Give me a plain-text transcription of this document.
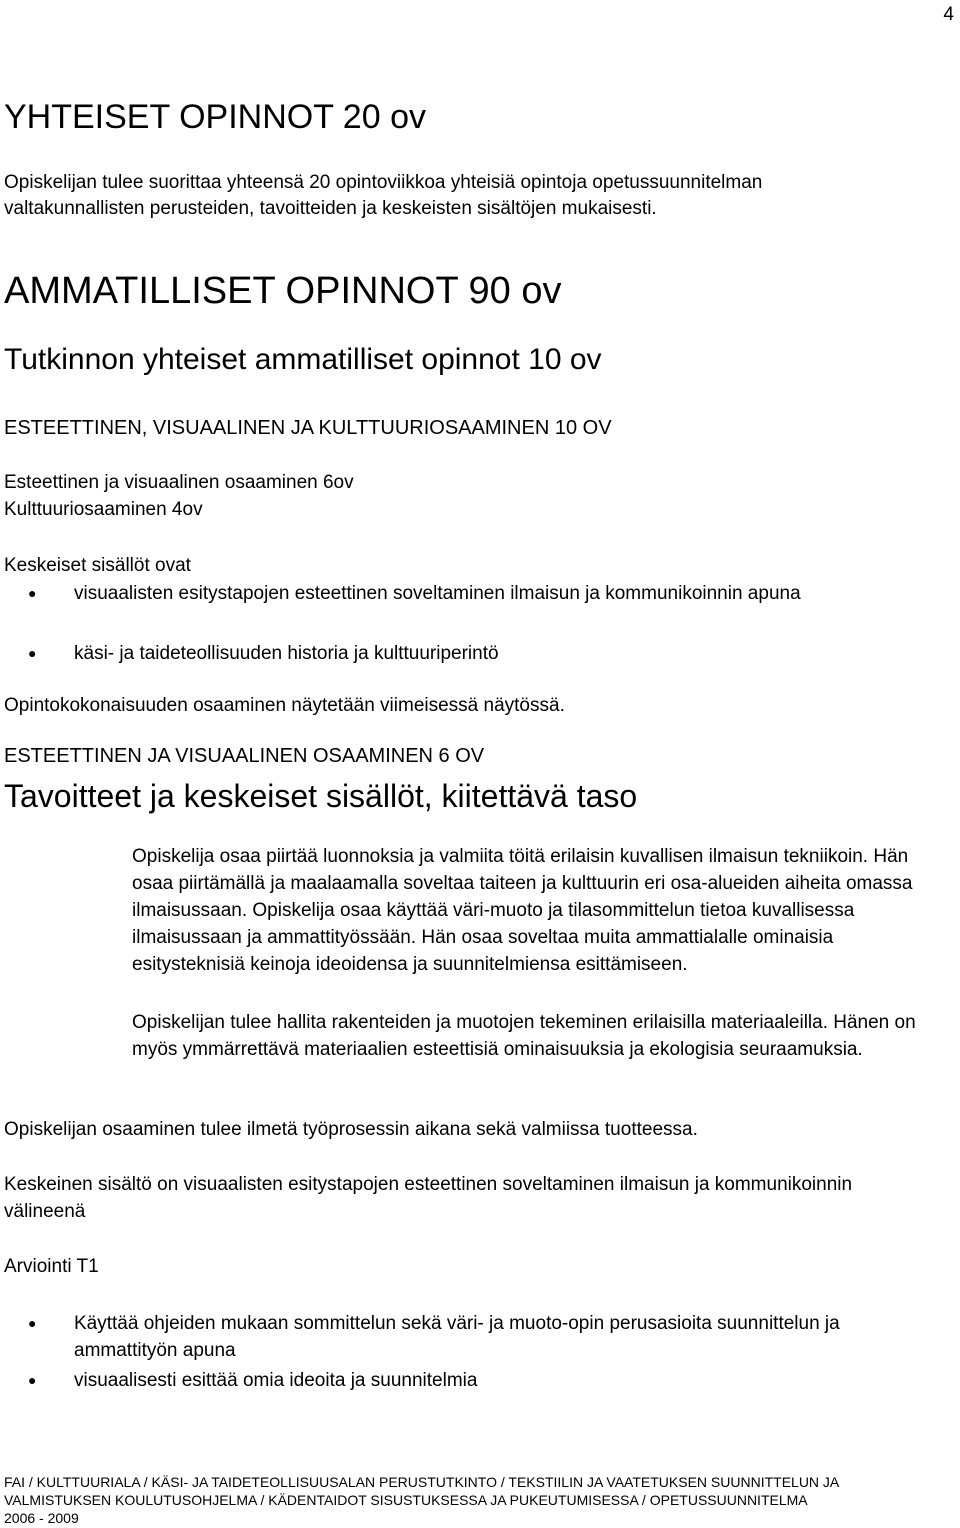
4
YHTEISET OPINNOT 20 ov
Opiskelijan tulee suorittaa yhteensä 20 opintoviikkoa yhteisiä opintoja opetussuunnitelman
valtakunnallisten perusteiden, tavoitteiden ja keskeisten sisältöjen mukaisesti.
AMMATILLISET OPINNOT 90 ov
Tutkinnon yhteiset ammatilliset opinnot 10 ov
ESTEETTINEN, VISUAALINEN JA KULTTUURIOSAAMINEN 10 OV
Esteettinen ja visuaalinen osaaminen 6ov
Kulttuuriosaaminen 4ov
Keskeiset sisällöt ovat
● visuaalisten esitystapojen esteettinen soveltaminen ilmaisun ja kommunikoinnin apuna
● käsi- ja taideteollisuuden historia ja kulttuuriperintö
Opintokokonaisuuden osaaminen näytetään viimeisessä näytössä.
ESTEETTINEN JA VISUAALINEN OSAAMINEN 6 OV
Tavoitteet ja keskeiset sisällöt, kiitettävä taso
Opiskelija osaa piirtää luonnoksia ja valmiita töitä erilaisin kuvallisen ilmaisun tekniikoin. Hän osaa piirtämällä ja maalaamalla soveltaa taiteen ja kulttuurin eri osa-alueiden aiheita omassa ilmaisussaan. Opiskelija osaa käyttää väri-muoto ja tilasommittelun tietoa kuvallisessa ilmaisussaan ja ammattityössään. Hän osaa soveltaa muita ammattialalle ominaisia esitysteknisiä keinoja ideoidensa ja suunnitelmiensa esittämiseen.
Opiskelijan tulee hallita rakenteiden ja muotojen tekeminen erilaisilla materiaaleilla. Hänen on myös ymmärrettävä materiaalien esteettisiä ominaisuuksia ja ekologisia seuraamuksia.
Opiskelijan osaaminen tulee ilmetä työprosessin aikana sekä valmiissa tuotteessa.
Keskeinen sisältö on visuaalisten esitystapojen esteettinen soveltaminen ilmaisun ja kommunikoinnin välineenä
Arviointi T1
● Käyttää ohjeiden mukaan sommittelun sekä väri- ja muoto-opin perusasioita suunnittelun ja ammattityön apuna
● visuaalisesti esittää omia ideoita ja suunnitelmia
FAI / KULTTUURIALA / KÄSI- JA TAIDETEOLLISUUSALAN PERUSTUTKINTO / TEKSTIILIN JA VAATETUKSEN SUUNNITTELUN JA
VALMISTUKSEN KOULUTUSOHJELMA / KÄDENTAIDOT SISUSTUKSESSA JA PUKEUTUMISESSA / OPETUSSUUNNITELMA
2006 - 2009
